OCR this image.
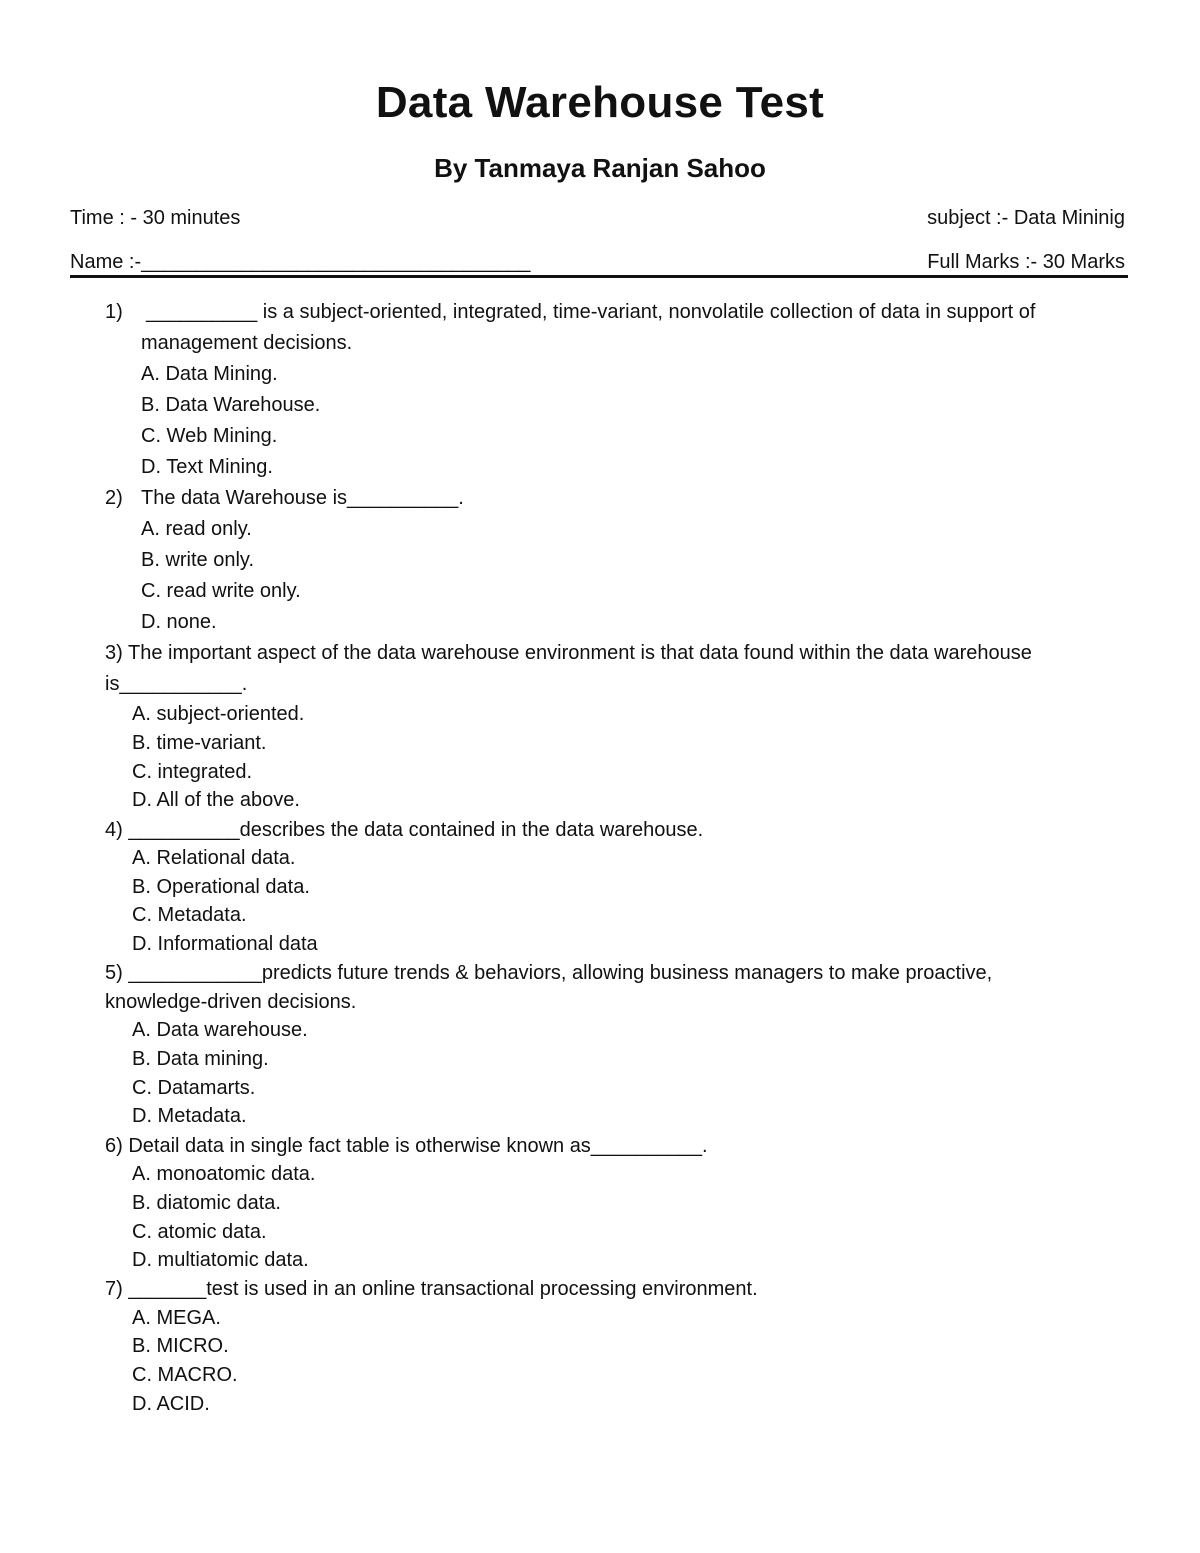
Data Warehouse Test
By Tanmaya Ranjan Sahoo
Time : - 30 minutes	subject :- Data Mininig
Name :-___________________________________	Full Marks :- 30 Marks
1) __________ is a subject-oriented, integrated, time-variant, nonvolatile collection of data in support of
management decisions.
A. Data Mining.
B. Data Warehouse.
C. Web Mining.
D. Text Mining.
2) The data Warehouse is__________.
A. read only.
B. write only.
C. read write only.
D. none.
3) The important aspect of the data warehouse environment is that data found within the data warehouse
is___________.
A. subject-oriented.
B. time-variant.
C. integrated.
D. All of the above.
4) __________describes the data contained in the data warehouse.
A. Relational data.
B. Operational data.
C. Metadata.
D. Informational data
5) ____________predicts future trends & behaviors, allowing business managers to make proactive,
knowledge-driven decisions.
A. Data warehouse.
B. Data mining.
C. Datamarts.
D. Metadata.
6) Detail data in single fact table is otherwise known as__________.
A. monoatomic data.
B. diatomic data.
C. atomic data.
D. multiatomic data.
7) _______test is used in an online transactional processing environment.
A. MEGA.
B. MICRO.
C. MACRO.
D. ACID.
